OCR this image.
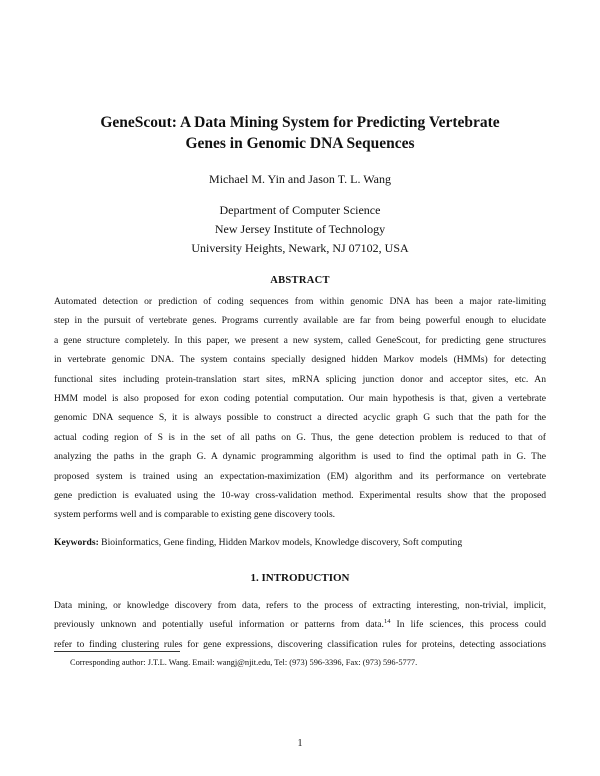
GeneScout: A Data Mining System for Predicting Vertebrate
Genes in Genomic DNA Sequences
Michael M. Yin and Jason T. L. Wang
Department of Computer Science
New Jersey Institute of Technology
University Heights, Newark, NJ 07102, USA
ABSTRACT
Automated detection or prediction of coding sequences from within genomic DNA has been a major rate-limiting
step in the pursuit of vertebrate genes. Programs currently available are far from being powerful enough to elucidate
a gene structure completely. In this paper, we present a new system, called GeneScout, for predicting gene structures
in vertebrate genomic DNA. The system contains specially designed hidden Markov models (HMMs) for detecting
functional sites including protein-translation start sites, mRNA splicing junction donor and acceptor sites, etc. An
HMM model is also proposed for exon coding potential computation. Our main hypothesis is that, given a vertebrate
genomic DNA sequence S, it is always possible to construct a directed acyclic graph G such that the path for the
actual coding region of S is in the set of all paths on G. Thus, the gene detection problem is reduced to that of
analyzing the paths in the graph G. A dynamic programming algorithm is used to find the optimal path in G. The
proposed system is trained using an expectation-maximization (EM) algorithm and its performance on vertebrate
gene prediction is evaluated using the 10-way cross-validation method. Experimental results show that the proposed
system performs well and is comparable to existing gene discovery tools.
Keywords: Bioinformatics, Gene finding, Hidden Markov models, Knowledge discovery, Soft computing
1. INTRODUCTION
Data mining, or knowledge discovery from data, refers to the process of extracting interesting, non-trivial, implicit,
previously unknown and potentially useful information or patterns from data.$^{14}$ In life sciences, this process could
refer to finding clustering rules for gene expressions, discovering classification rules for proteins, detecting associations
Corresponding author: J.T.L. Wang. Email: wangj@njit.edu, Tel: (973) 596-3396, Fax: (973) 596-5777.
1
